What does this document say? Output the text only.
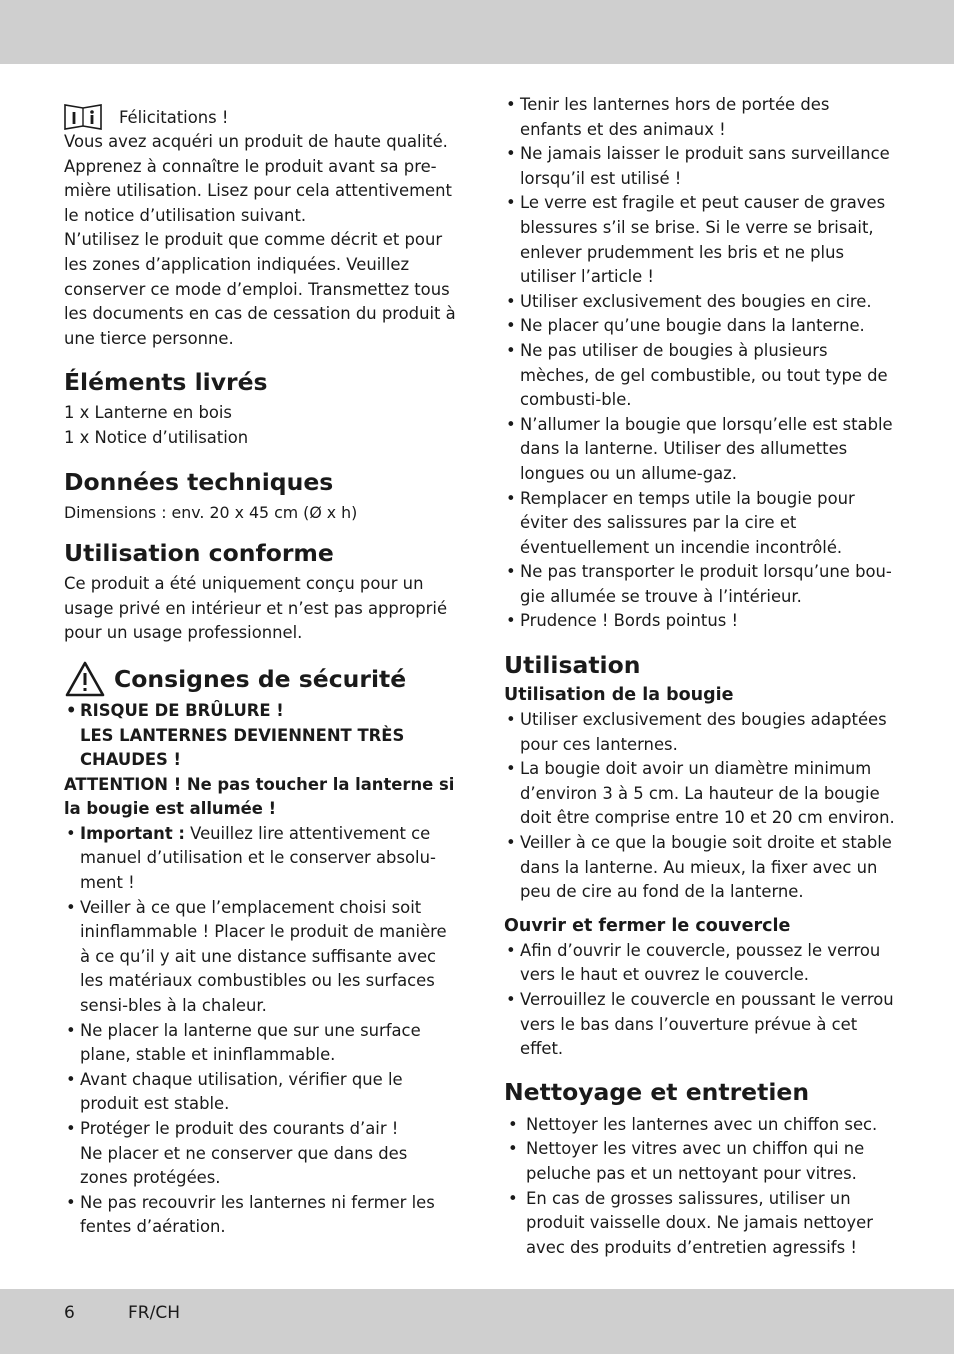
Félicitations !

Vous avez acquéri un produit de haute qualité. Apprenez à connaître le produit avant sa pre-mière utilisation. Lisez pour cela attentivement le notice d’utilisation suivant.

N’utilisez le produit que comme décrit et pour les zones d’application indiquées. Veuillez conserver ce mode d’emploi. Transmettez tous les documents en cas de cessation du produit à une tierce personne.

Éléments livrés

1 x Lanterne en bois

1 x Notice d’utilisation

Données techniques

Dimensions : env. 20 x 45 cm (Ø x h)

Utilisation conforme

Ce produit a été uniquement conçu pour un usage privé en intérieur et n’est pas approprié pour un usage professionnel.

Consignes de sécurité
• RISQUE DE BRÛLURE !
LES LANTERNES DEVIENNENT TRÈS CHAUDES !

ATTENTION ! Ne pas toucher la lanterne si la bougie est allumée !

• Important : Veuillez lire attentivement ce manuel d’utilisation et le conserver absolu-ment !
• Veiller à ce que l’emplacement choisi soit ininflammable ! Placer le produit de manière à ce qu’il y ait une distance suffisante avec les matériaux combustibles ou les surfaces sensi-bles à la chaleur.
• Ne placer la lanterne que sur une surface plane, stable et ininflammable.
• Avant chaque utilisation, vérifier que le produit est stable.
• Protéger le produit des courants d’air !
Ne placer et ne conserver que dans des zones protégées.
• Ne pas recouvrir les lanternes ni fermer les fentes d’aération.
• Tenir les lanternes hors de portée des enfants et des animaux !
• Ne jamais laisser le produit sans surveillance lorsqu’il est utilisé !
• Le verre est fragile et peut causer de graves blessures s’il se brise. Si le verre se brisait, enlever prudemment les bris et ne plus utiliser l’article !
• Utiliser exclusivement des bougies en cire.
• Ne placer qu’une bougie dans la lanterne.
• Ne pas utiliser de bougies à plusieurs mèches, de gel combustible, ou tout type de combusti-ble.
• N’allumer la bougie que lorsqu’elle est stable dans la lanterne. Utiliser des allumettes longues ou un allume-gaz.
• Remplacer en temps utile la bougie pour éviter des salissures par la cire et éventuellement un incendie incontrôlé.
• Ne pas transporter le produit lorsqu’une bou-gie allumée se trouve à l’intérieur.
• Prudence ! Bords pointus !
Utilisation
Utilisation de la bougie
• Utiliser exclusivement des bougies adaptées pour ces lanternes.
• La bougie doit avoir un diamètre minimum d’environ 3 à 5 cm. La hauteur de la bougie doit être comprise entre 10 et 20 cm environ.
• Veiller à ce que la bougie soit droite et stable dans la lanterne. Au mieux, la fixer avec un peu de cire au fond de la lanterne.
Ouvrir et fermer le couvercle
• Afin d’ouvrir le couvercle, poussez le verrou vers le haut et ouvrez le couvercle.
• Verrouillez le couvercle en poussant le verrou vers le bas dans l’ouverture prévue à cet effet.
Nettoyage et entretien
• Nettoyer les lanternes avec un chiffon sec.
• Nettoyer les vitres avec un chiffon qui ne peluche pas et un nettoyant pour vitres.
• En cas de grosses salissures, utiliser un produit vaisselle doux. Ne jamais nettoyer avec des produits d’entretien agressifs !
6	FR/CH
